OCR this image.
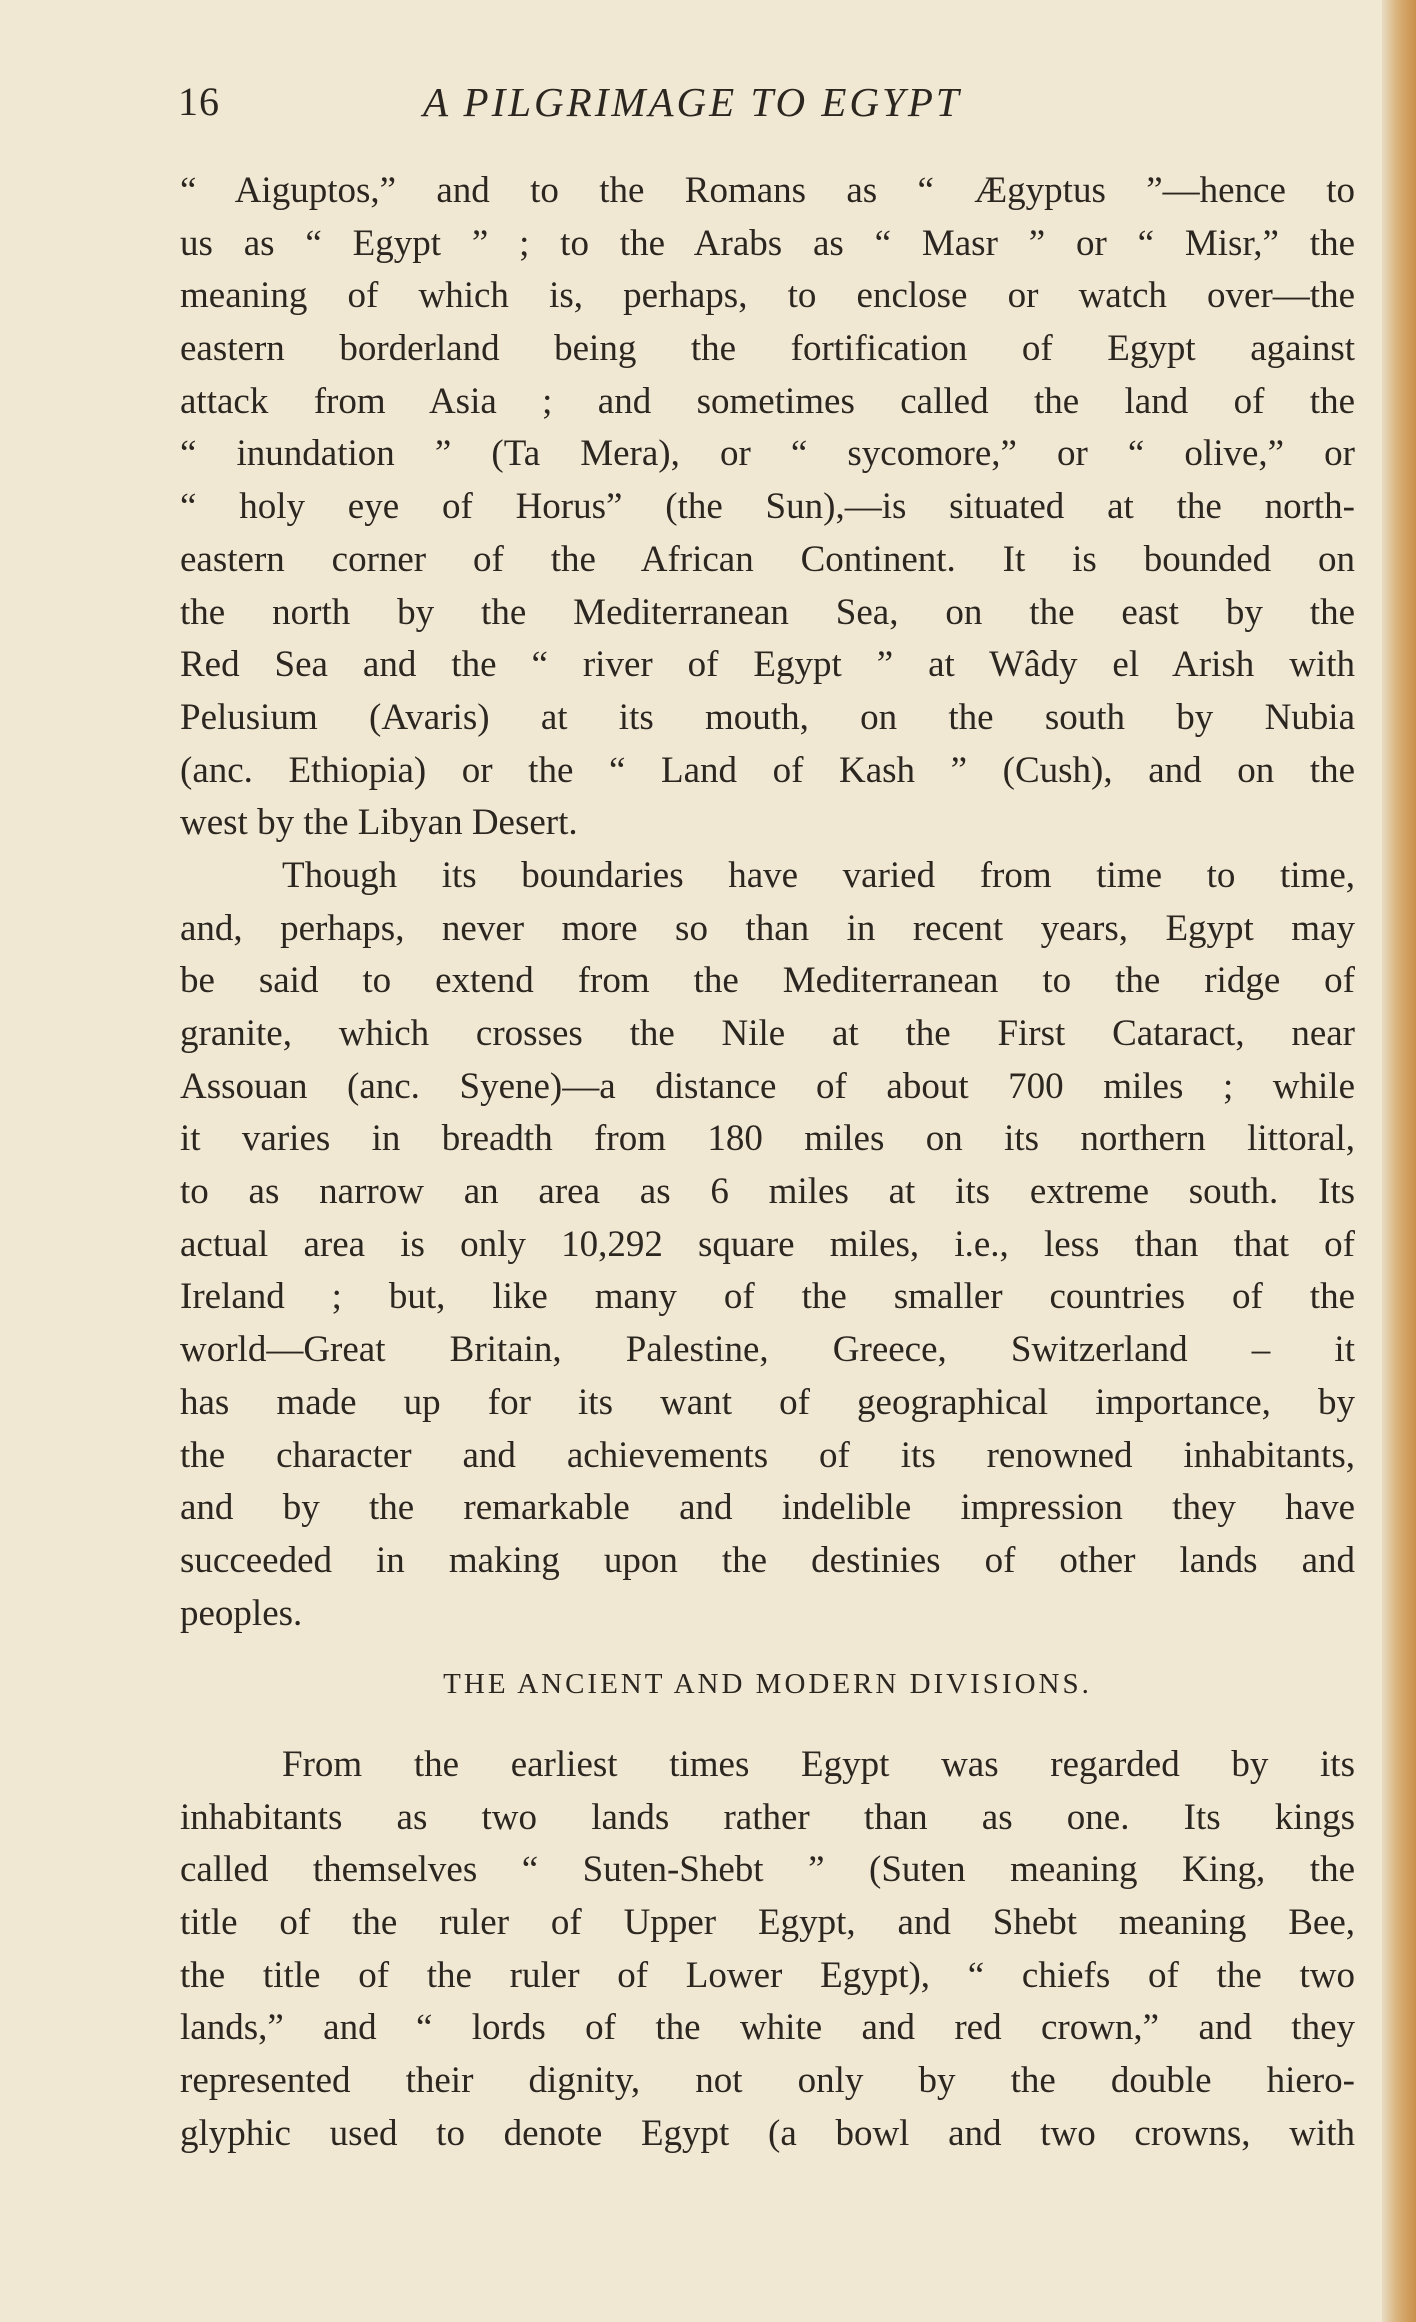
16	A PILGRIMAGE TO EGYPT
“ Aiguptos,” and to the Romans as “ Ægyptus ”—hence to
us as “ Egypt ” ; to the Arabs as “ Masr ” or “ Misr,” the
meaning of which is, perhaps, to enclose or watch over—the
eastern borderland being the fortification of Egypt against
attack from Asia ; and sometimes called the land of the
“ inundation ” (Ta Mera), or “ sycomore,” or “ olive,” or
“ holy eye of Horus” (the Sun),—is situated at the north-
eastern corner of the African Continent. It is bounded on
the north by the Mediterranean Sea, on the east by the
Red Sea and the “ river of Egypt ” at Wâdy el Arish with
Pelusium (Avaris) at its mouth, on the south by Nubia
(anc. Ethiopia) or the “ Land of Kash ” (Cush), and on the
west by the Libyan Desert.
Though its boundaries have varied from time to time,
and, perhaps, never more so than in recent years, Egypt may
be said to extend from the Mediterranean to the ridge of
granite, which crosses the Nile at the First Cataract, near
Assouan (anc. Syene)—a distance of about 700 miles ; while
it varies in breadth from 180 miles on its northern littoral,
to as narrow an area as 6 miles at its extreme south. Its
actual area is only 10,292 square miles, i.e., less than that of
Ireland ; but, like many of the smaller countries of the
world—Great Britain, Palestine, Greece, Switzerland – it
has made up for its want of geographical importance, by
the character and achievements of its renowned inhabitants,
and by the remarkable and indelible impression they have
succeeded in making upon the destinies of other lands and
peoples.
THE ANCIENT AND MODERN DIVISIONS.
From the earliest times Egypt was regarded by its
inhabitants as two lands rather than as one. Its kings
called themselves “ Suten-Shebt ” (Suten meaning King, the
title of the ruler of Upper Egypt, and Shebt meaning Bee,
the title of the ruler of Lower Egypt), “ chiefs of the two
lands,” and “ lords of the white and red crown,” and they
represented their dignity, not only by the double hiero-
glyphic used to denote Egypt (a bowl and two crowns, with
